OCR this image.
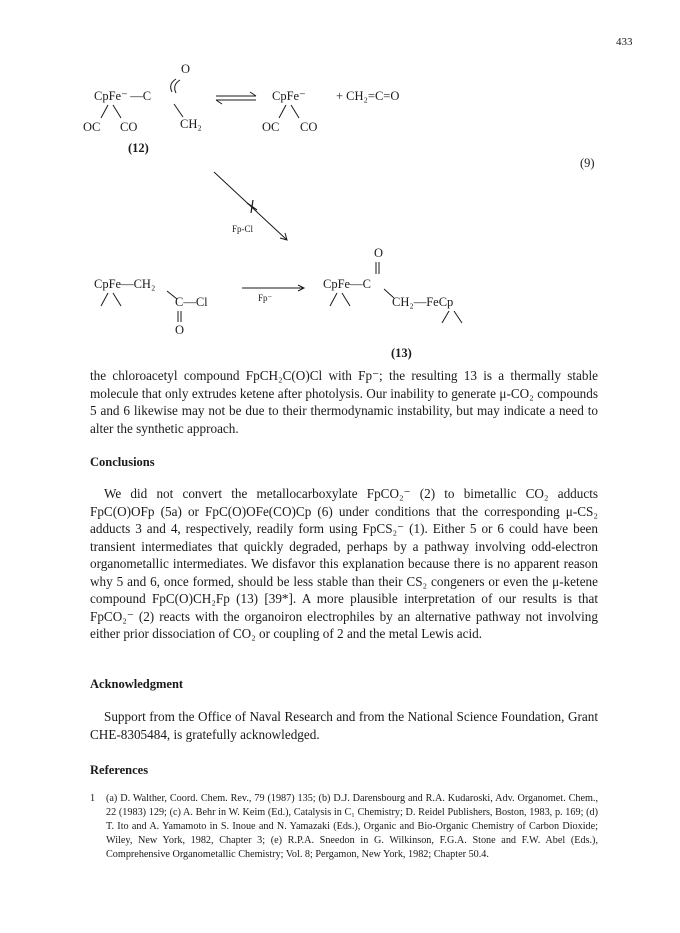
433
O
CpFe⁻ —C
CH₂
OC CO
(12)
CpFe⁻
OC CO
+ CH₂=C=O
(9)
Fp-Cl
CpFe—CH₂
C—Cl
O
Fp⁻
O
CpFe—C
CH₂—FeCp
(13)

the chloroacetyl compound FpCH₂C(O)Cl with Fp⁻; the resulting 13 is a thermally stable molecule that only extrudes ketene after photolysis. Our inability to generate μ-CO₂ compounds 5 and 6 likewise may not be due to their thermodynamic instability, but may indicate a need to alter the synthetic approach.

Conclusions

We did not convert the metallocarboxylate FpCO₂⁻ (2) to bimetallic CO₂ adducts FpC(O)OFp (5a) or FpC(O)OFe(CO)Cp (6) under conditions that the corresponding μ-CS₂ adducts 3 and 4, respectively, readily form using FpCS₂⁻ (1). Either 5 or 6 could have been transient intermediates that quickly degraded, perhaps by a pathway involving odd-electron organometallic intermediates. We disfavor this explanation because there is no apparent reason why 5 and 6, once formed, should be less stable than their CS₂ congeners or even the μ-ketene compound FpC(O)CH₂Fp (13) [39*]. A more plausible interpretation of our results is that FpCO₂⁻ (2) reacts with the organoiron electrophiles by an alternative pathway not involving either prior dissociation of CO₂ or coupling of 2 and the metal Lewis acid.

Acknowledgment

Support from the Office of Naval Research and from the National Science Foundation, Grant CHE-8305484, is gratefully acknowledged.

References
1	(a) D. Walther, Coord. Chem. Rev., 79 (1987) 135; (b) D.J. Darensbourg and R.A. Kudaroski, Adv. Organomet. Chem., 22 (1983) 129; (c) A. Behr in W. Keim (Ed.), Catalysis in C₁ Chemistry; D. Reidel Publishers, Boston, 1983, p. 169; (d) T. Ito and A. Yamamoto in S. Inoue and N. Yamazaki (Eds.), Organic and Bio-Organic Chemistry of Carbon Dioxide; Wiley, New York, 1982, Chapter 3; (e) R.P.A. Sneedon in G. Wilkinson, F.G.A. Stone and F.W. Abel (Eds.), Comprehensive Organometallic Chemistry; Vol. 8; Pergamon, New York, 1982; Chapter 50.4.
